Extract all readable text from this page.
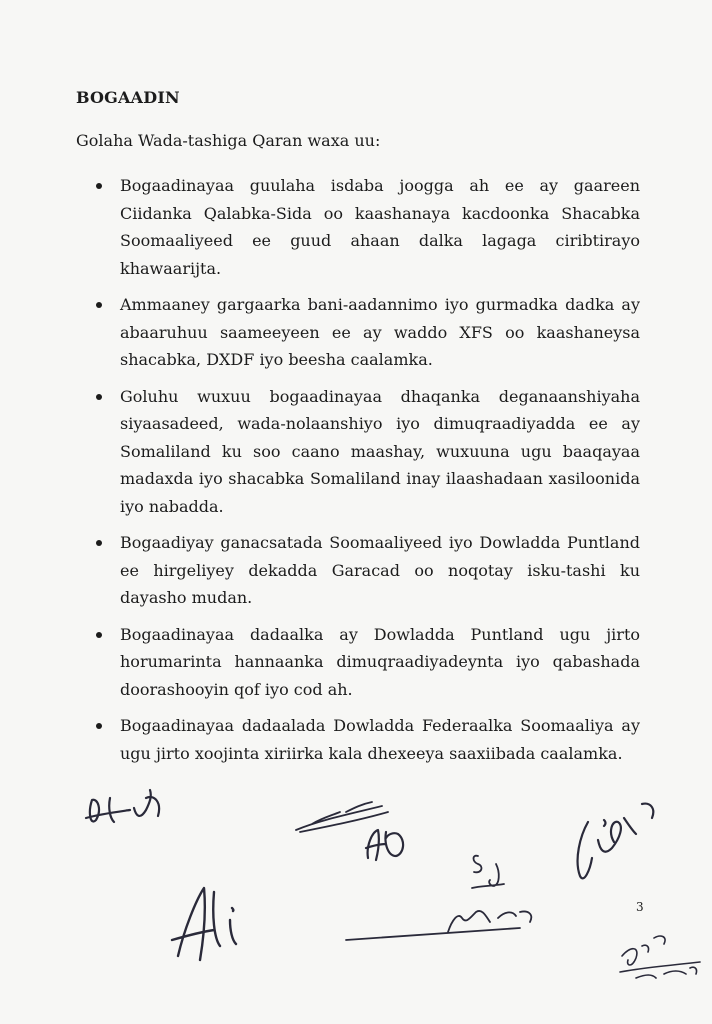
BOGAADIN
Golaha Wada-tashiga Qaran waxa uu:
Bogaadinayaa guulaha isdaba joogga ah ee ay gaareen Ciidanka Qalabka-Sida oo kaashanaya kacdoonka Shacabka Soomaaliyeed ee guud ahaan dalka lagaga ciribtirayo khawaarijta.
Ammaaney gargaarka bani-aadannimo iyo gurmadka dadka ay abaaruhuu saameeyeen ee ay waddo XFS oo kaashaneysa shacabka, DXDF iyo beesha caalamka.
Goluhu wuxuu bogaadinayaa dhaqanka deganaanshiyaha siyaasadeed, wada-nolaanshiyo iyo dimuqraadiyadda ee ay Somaliland ku soo caano maashay, wuxuuna ugu baaqayaa madaxda iyo shacabka Somaliland inay ilaashadaan xasiloonida iyo nabadda.
Bogaadiyay ganacsatada Soomaaliyeed iyo Dowladda Puntland ee hirgeliyey dekadda Garacad oo noqotay isku-tashi ku dayasho mudan.
Bogaadinayaa dadaalka ay Dowladda Puntland ugu jirto horumarinta hannaanka dimuqraadiyadeynta iyo qabashada doorashooyin qof iyo cod ah.
Bogaadinayaa dadaalada Dowladda Federaalka Soomaaliya ay ugu jirto xoojinta xiriirka kala dhexeeya saaxiibada caalamka.
3
